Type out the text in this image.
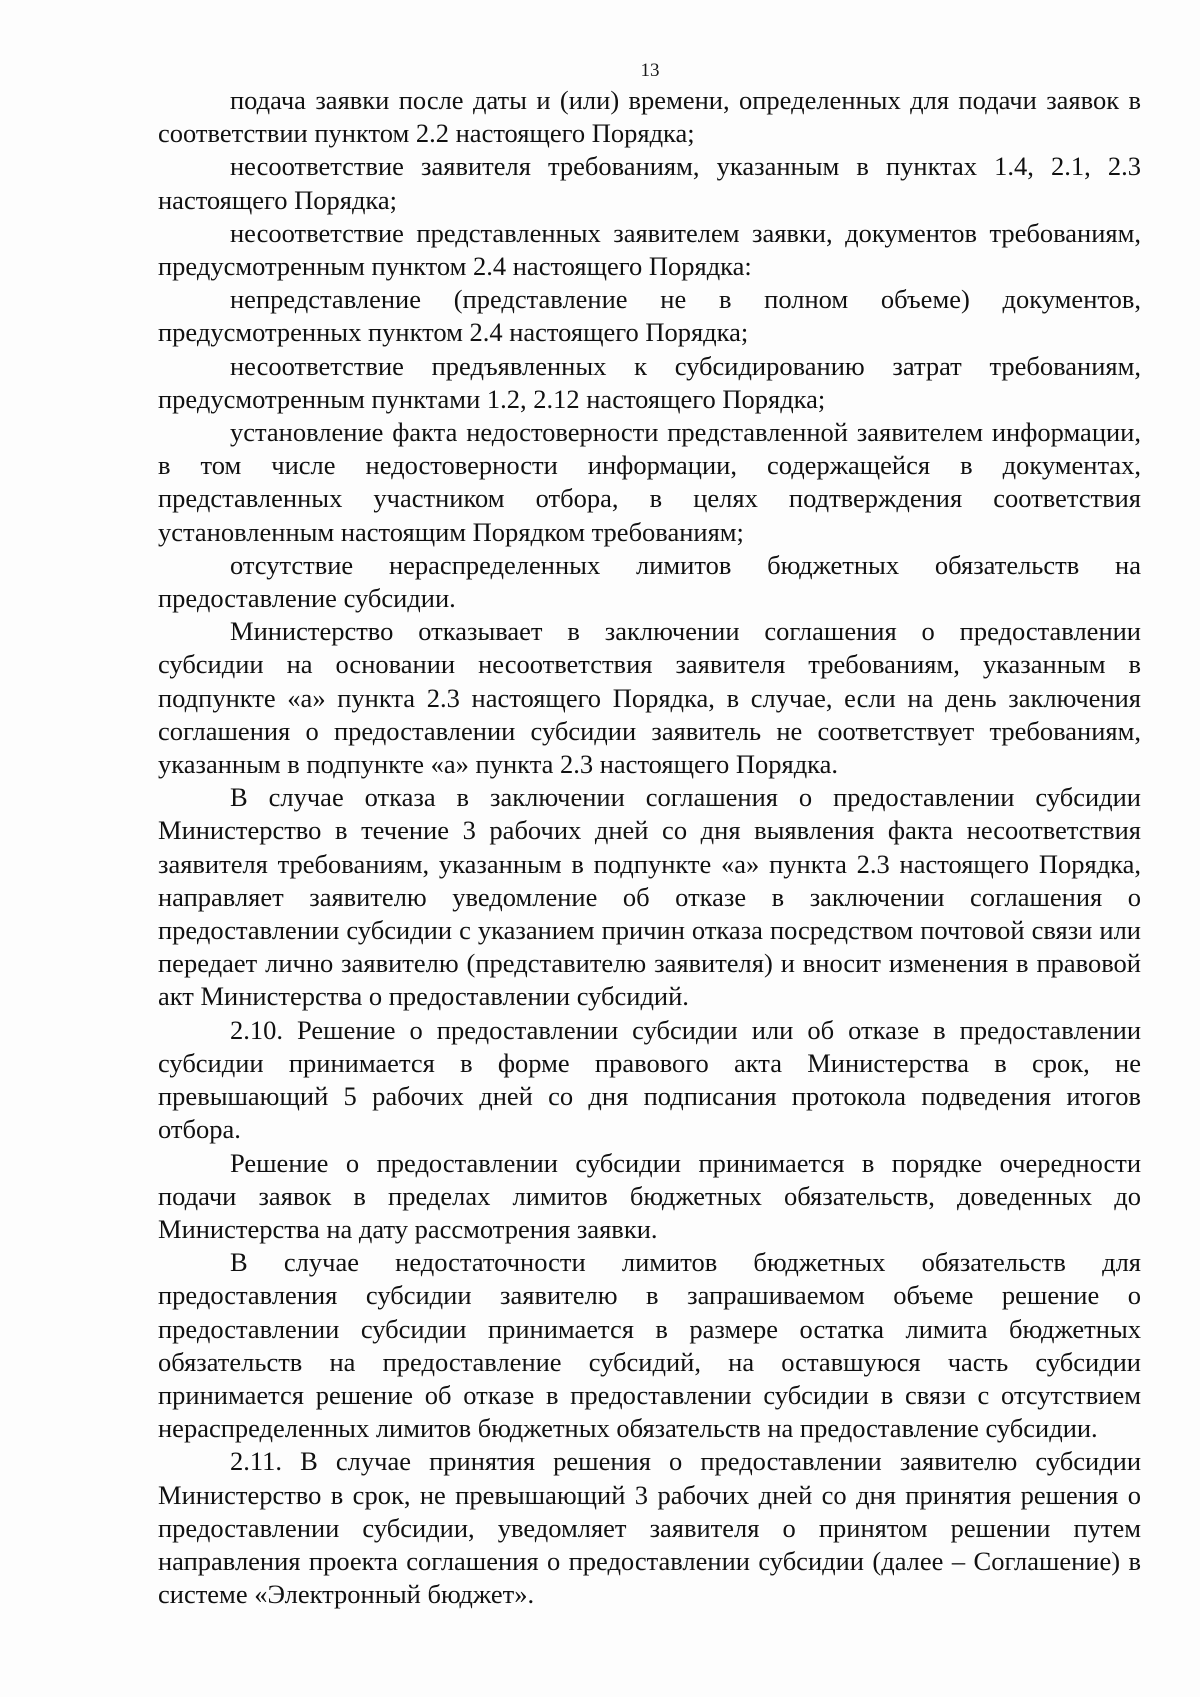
13

подача заявки после даты и (или) времени, определенных для подачи заявок в соответствии пунктом 2.2 настоящего Порядка;

несоответствие заявителя требованиям, указанным в пунктах 1.4, 2.1, 2.3 настоящего Порядка;

несоответствие представленных заявителем заявки, документов требованиям, предусмотренным пунктом 2.4 настоящего Порядка:

непредставление (представление не в полном объеме) документов, предусмотренных пунктом 2.4 настоящего Порядка;

несоответствие предъявленных к субсидированию затрат требованиям, предусмотренным пунктами 1.2, 2.12 настоящего Порядка;

установление факта недостоверности представленной заявителем информации, в том числе недостоверности информации, содержащейся в документах, представленных участником отбора, в целях подтверждения соответствия установленным настоящим Порядком требованиям;

отсутствие нераспределенных лимитов бюджетных обязательств на предоставление субсидии.

Министерство отказывает в заключении соглашения о предоставлении субсидии на основании несоответствия заявителя требованиям, указанным в подпункте «а» пункта 2.3 настоящего Порядка, в случае, если на день заключения соглашения о предоставлении субсидии заявитель не соответствует требованиям, указанным в подпункте «а» пункта 2.3 настоящего Порядка.

В случае отказа в заключении соглашения о предоставлении субсидии Министерство в течение 3 рабочих дней со дня выявления факта несоответствия заявителя требованиям, указанным в подпункте «а» пункта 2.3 настоящего Порядка, направляет заявителю уведомление об отказе в заключении соглашения о предоставлении субсидии с указанием причин отказа посредством почтовой связи или передает лично заявителю (представителю заявителя) и вносит изменения в правовой акт Министерства о предоставлении субсидий.

2.10. Решение о предоставлении субсидии или об отказе в предоставлении субсидии принимается в форме правового акта Министерства в срок, не превышающий 5 рабочих дней со дня подписания протокола подведения итогов отбора.

Решение о предоставлении субсидии принимается в порядке очередности подачи заявок в пределах лимитов бюджетных обязательств, доведенных до Министерства на дату рассмотрения заявки.

В случае недостаточности лимитов бюджетных обязательств для предоставления субсидии заявителю в запрашиваемом объеме решение о предоставлении субсидии принимается в размере остатка лимита бюджетных обязательств на предоставление субсидий, на оставшуюся часть субсидии принимается решение об отказе в предоставлении субсидии в связи с отсутствием нераспределенных лимитов бюджетных обязательств на предоставление субсидии.

2.11. В случае принятия решения о предоставлении заявителю субсидии Министерство в срок, не превышающий 3 рабочих дней со дня принятия решения о предоставлении субсидии, уведомляет заявителя о принятом решении путем направления проекта соглашения о предоставлении субсидии (далее – Соглашение) в системе «Электронный бюджет».
